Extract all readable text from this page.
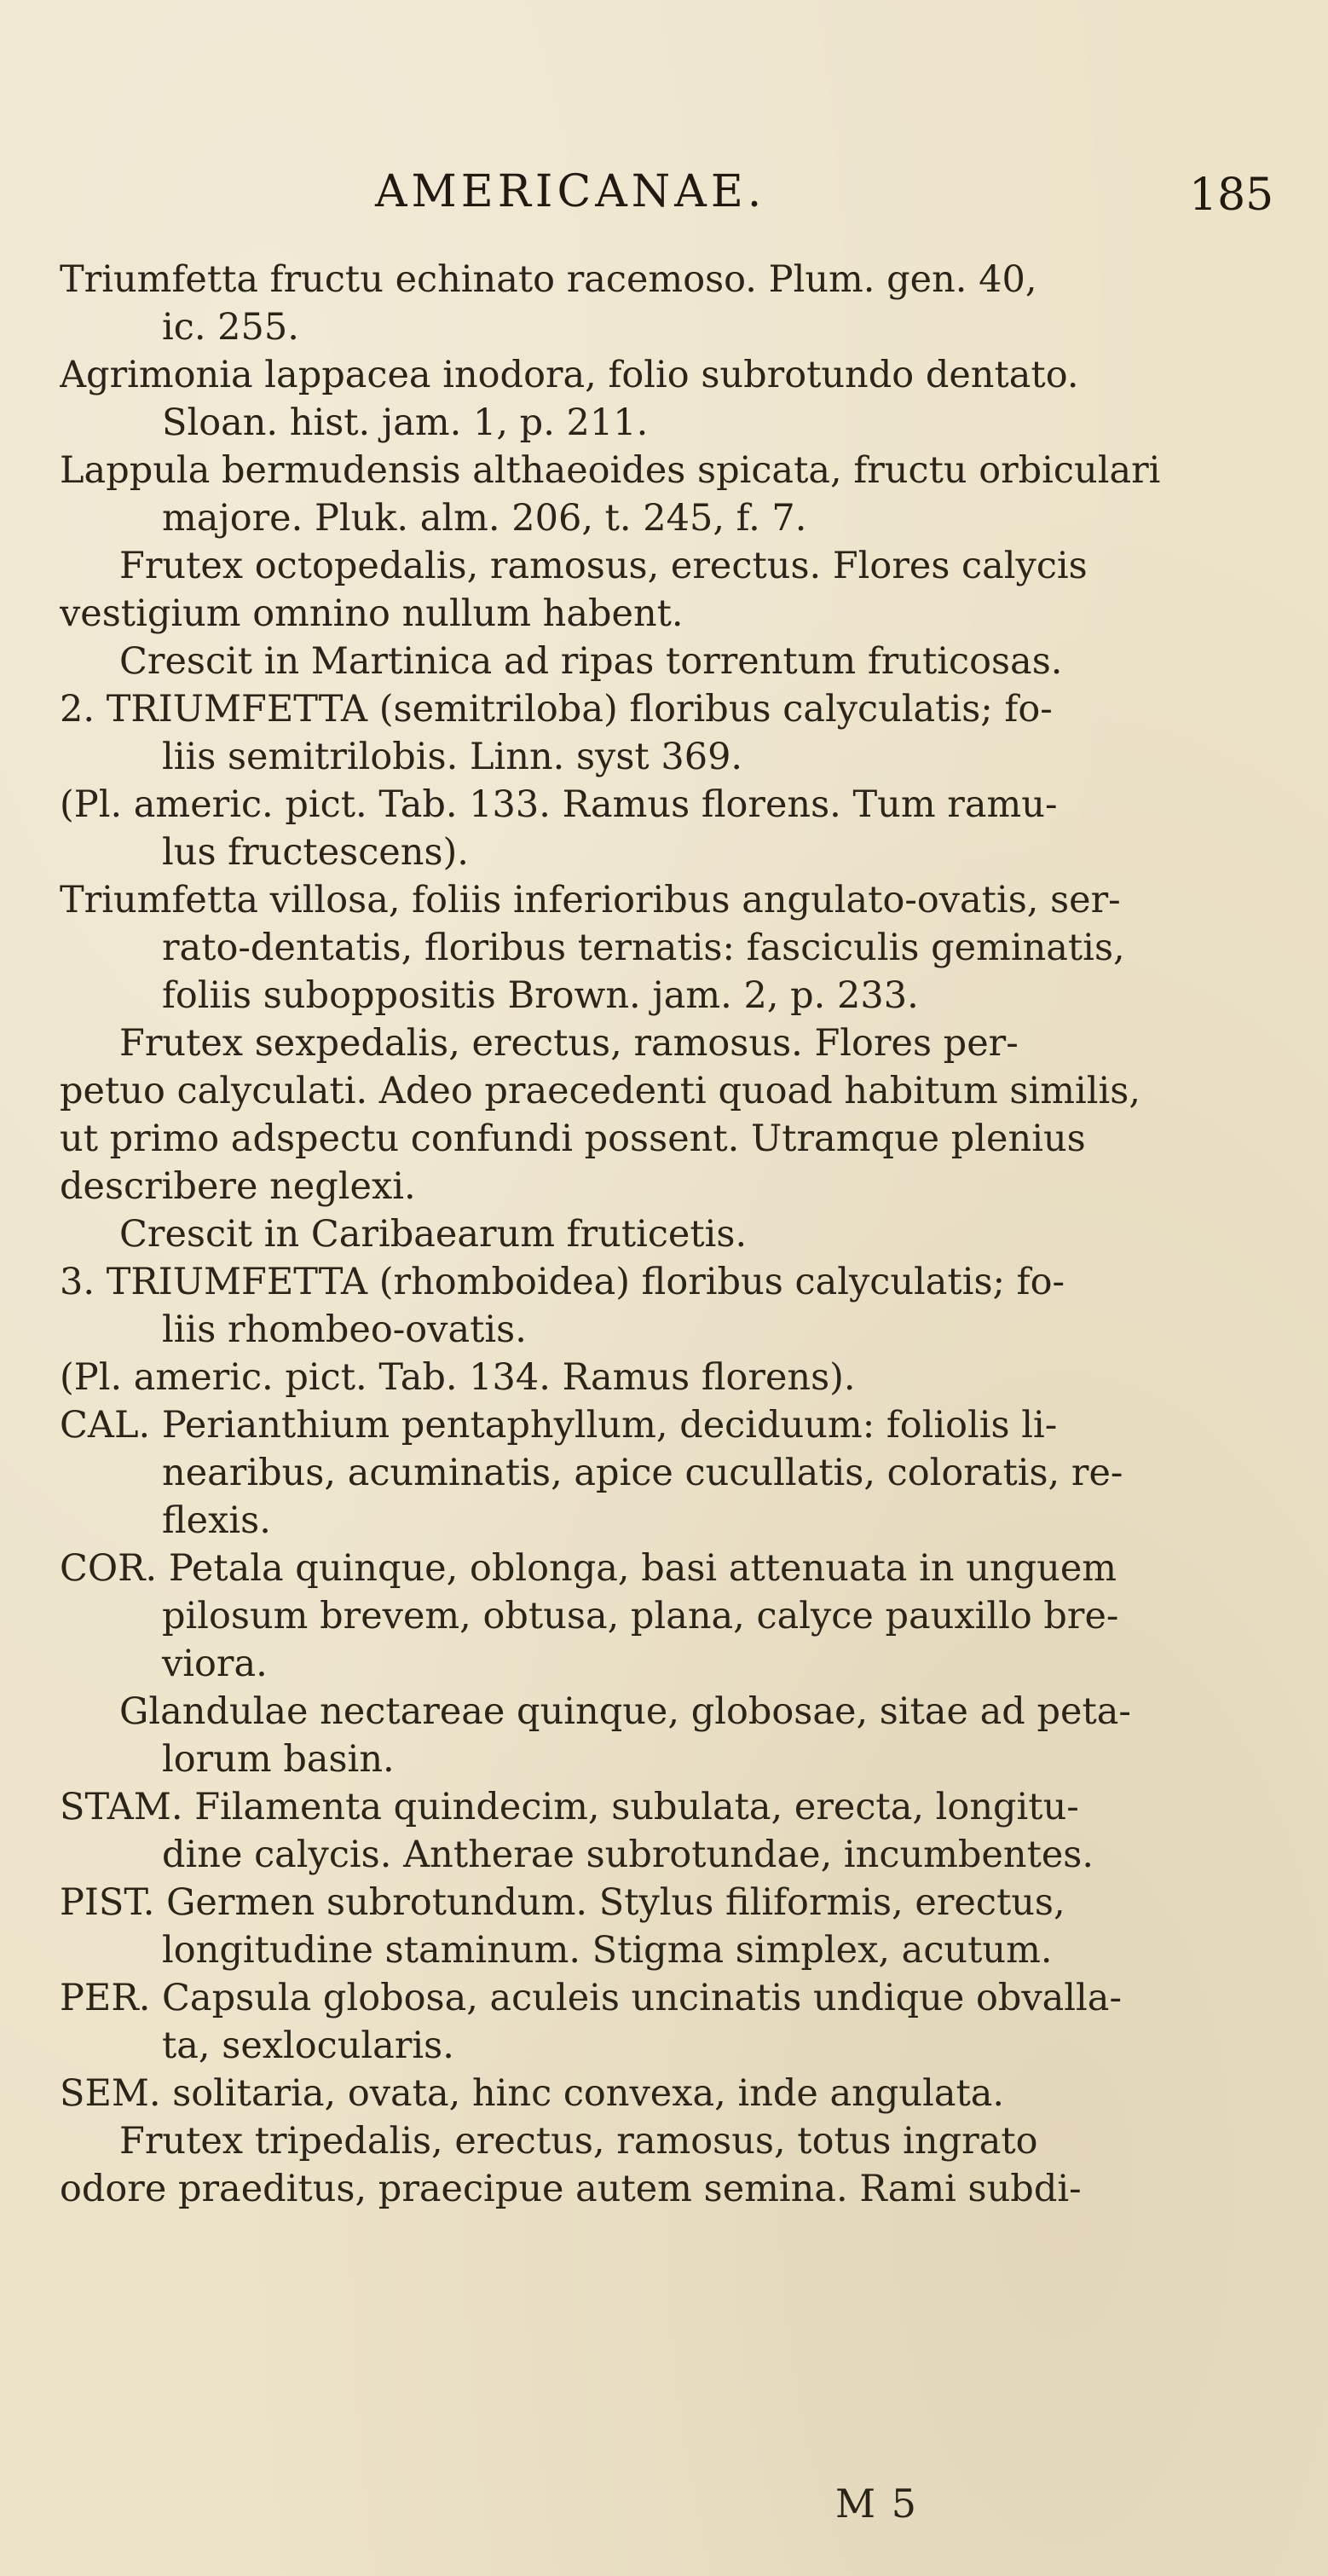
AMERICANAE.	185
Triumfetta fructu echinato racemoso. Plum. gen. 40,
ic. 255.
Agrimonia lappacea inodora, folio subrotundo dentato.
Sloan. hist. jam. 1, p. 211.
Lappula bermudensis althaeoides spicata, fructu orbiculari
majore. Pluk. alm. 206, t. 245, f. 7.
Frutex octopedalis, ramosus, erectus. Flores calycis
vestigium omnino nullum habent.
Crescit in Martinica ad ripas torrentum fruticosas.
2. TRIUMFETTA (semitriloba) floribus calyculatis; fo-
liis semitrilobis. Linn. syst 369.
(Pl. americ. pict. Tab. 133. Ramus florens. Tum ramu-
lus fructescens).
Triumfetta villosa, foliis inferioribus angulato-ovatis, ser-
rato-dentatis, floribus ternatis: fasciculis geminatis,
foliis suboppositis Brown. jam. 2, p. 233.
Frutex sexpedalis, erectus, ramosus. Flores per-
petuo calyculati. Adeo praecedenti quoad habitum similis,
ut primo adspectu confundi possent. Utramque plenius
describere neglexi.
Crescit in Caribaearum fruticetis.
3. TRIUMFETTA (rhomboidea) floribus calyculatis; fo-
liis rhombeo-ovatis.
(Pl. americ. pict. Tab. 134. Ramus florens).
CAL. Perianthium pentaphyllum, deciduum: foliolis li-
nearibus, acuminatis, apice cucullatis, coloratis, re-
flexis.
COR. Petala quinque, oblonga, basi attenuata in unguem
pilosum brevem, obtusa, plana, calyce pauxillo bre-
viora.
Glandulae nectareae quinque, globosae, sitae ad peta-
lorum basin.
STAM. Filamenta quindecim, subulata, erecta, longitu-
dine calycis. Antherae subrotundae, incumbentes.
PIST. Germen subrotundum. Stylus filiformis, erectus,
longitudine staminum. Stigma simplex, acutum.
PER. Capsula globosa, aculeis uncinatis undique obvalla-
ta, sexlocularis.
SEM. solitaria, ovata, hinc convexa, inde angulata.
Frutex tripedalis, erectus, ramosus, totus ingrato
odore praeditus, praecipue autem semina. Rami subdi-
M 5
